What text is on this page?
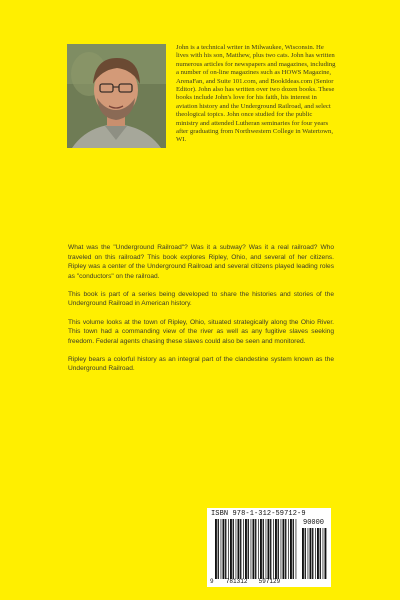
John is a technical writer in Milwaukee, Wisconsin. He lives with his son, Matthew, plus two cats. John has written numerous articles for newspapers and magazines, including a number of on-line magazines such as HOWS Magazine, ArenaFan, and Suite 101.com, and BookIdeas.com (Senior Editor). John also has written over two dozen books. These books include John's love for his faith, his interest in aviation history and the Underground Railroad, and select theological topics. John once studied for the public ministry and attended Lutheran seminaries for four years after graduating from Northwestern College in Watertown, WI.

What was the "Underground Railroad"? Was it a subway? Was it a real railroad? Who traveled on this railroad? This book explores Ripley, Ohio, and several of her citizens. Ripley was a center of the Underground Railroad and several citizens played leading roles as "conductors" on the railroad.

This book is part of a series being developed to share the histories and stories of the Underground Railroad in American history.

This volume looks at the town of Ripley, Ohio, situated strategically along the Ohio River. This town had a commanding view of the river as well as any fugitive slaves seeking freedom. Federal agents chasing these slaves could also be seen and monitored.

Ripley bears a colorful history as an integral part of the clandestine system known as the Underground Railroad.

ISBN 978-1-312-59712-9
90000
9 781312 597129
